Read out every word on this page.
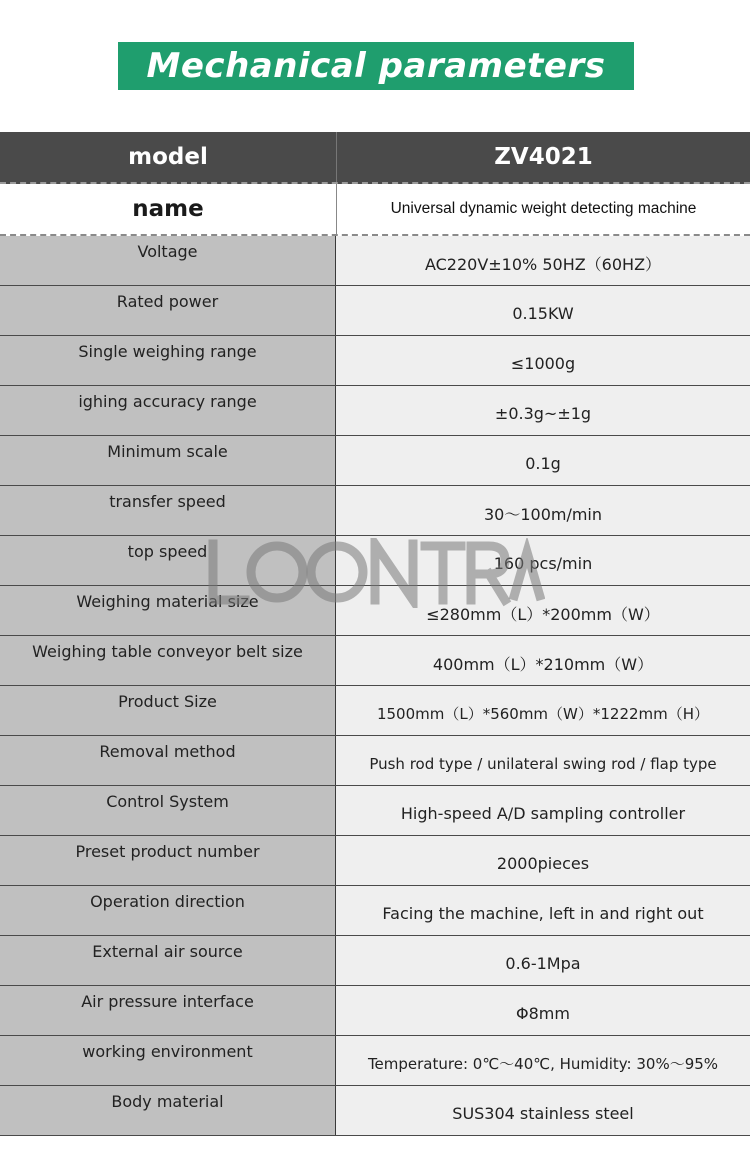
Mechanical parameters
model	ZV4021
name	Universal dynamic weight detecting machine
Voltage
AC220V±10% 50HZ（60HZ）
Rated power
0.15KW
Single weighing range
≤1000g
ighing accuracy range
±0.3g~±1g
Minimum scale
0.1g
transfer speed
30～100m/min
top speed
160 pcs/min
Weighing material size
≤280mm（L）*200mm（W）
Weighing table conveyor belt size
400mm（L）*210mm（W）
Product Size
1500mm（L）*560mm（W）*1222mm（H）
Removal method
Push rod type / unilateral swing rod / flap type
Control System
High-speed A/D sampling controller
Preset product number
2000pieces
Operation direction
Facing the machine, left in and right out
External air source
0.6-1Mpa
Air pressure interface
Φ8mm
working environment
Temperature: 0℃～40℃, Humidity: 30%～95%
Body material
SUS304 stainless steel
